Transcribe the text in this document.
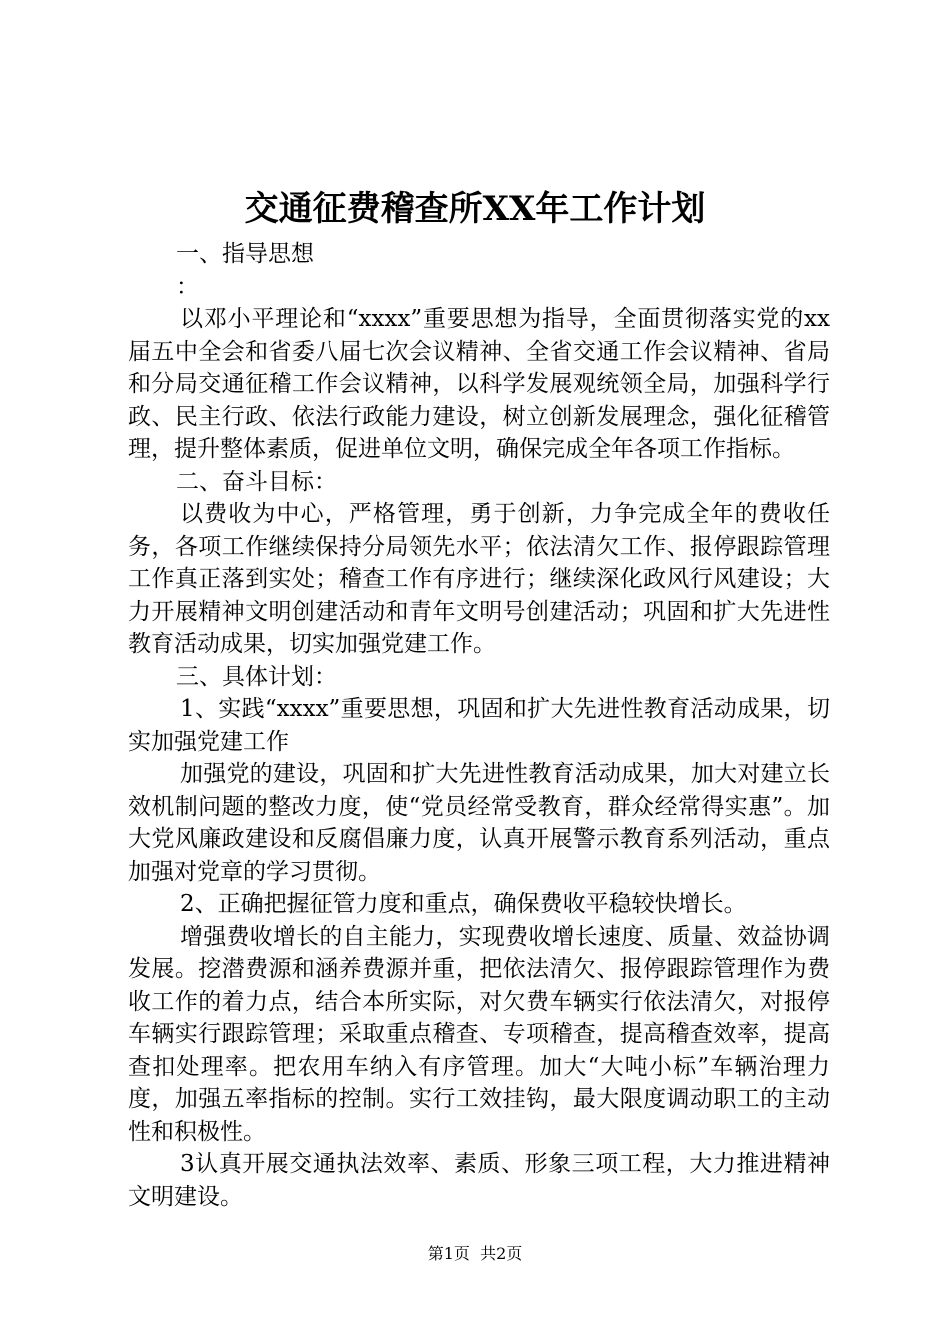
交通征费稽查所XX年工作计划

一、指导思想

：

以邓小平理论和“xxxx”重要思想为指导，全面贯彻落实党的xx届五中全会和省委八届七次会议精神、全省交通工作会议精神、省局和分局交通征稽工作会议精神，以科学发展观统领全局，加强科学行政、民主行政、依法行政能力建设，树立创新发展理念，强化征稽管理，提升整体素质，促进单位文明，确保完成全年各项工作指标。

二、奋斗目标：

以费收为中心，严格管理，勇于创新，力争完成全年的费收任务，各项工作继续保持分局领先水平；依法清欠工作、报停跟踪管理工作真正落到实处；稽查工作有序进行；继续深化政风行风建设；大力开展精神文明创建活动和青年文明号创建活动；巩固和扩大先进性教育活动成果，切实加强党建工作。

三、具体计划：

1、实践“xxxx”重要思想，巩固和扩大先进性教育活动成果，切实加强党建工作

加强党的建设，巩固和扩大先进性教育活动成果，加大对建立长效机制问题的整改力度，使“党员经常受教育，群众经常得实惠”。加大党风廉政建设和反腐倡廉力度，认真开展警示教育系列活动，重点加强对党章的学习贯彻。

2、正确把握征管力度和重点，确保费收平稳较快增长。

增强费收增长的自主能力，实现费收增长速度、质量、效益协调发展。挖潜费源和涵养费源并重，把依法清欠、报停跟踪管理作为费收工作的着力点，结合本所实际，对欠费车辆实行依法清欠，对报停车辆实行跟踪管理；采取重点稽查、专项稽查，提高稽查效率，提高查扣处理率。把农用车纳入有序管理。加大“大吨小标”车辆治理力度，加强五率指标的控制。实行工效挂钩，最大限度调动职工的主动性和积极性。

3认真开展交通执法效率、素质、形象三项工程，大力推进精神文明建设。

第1页  共2页
